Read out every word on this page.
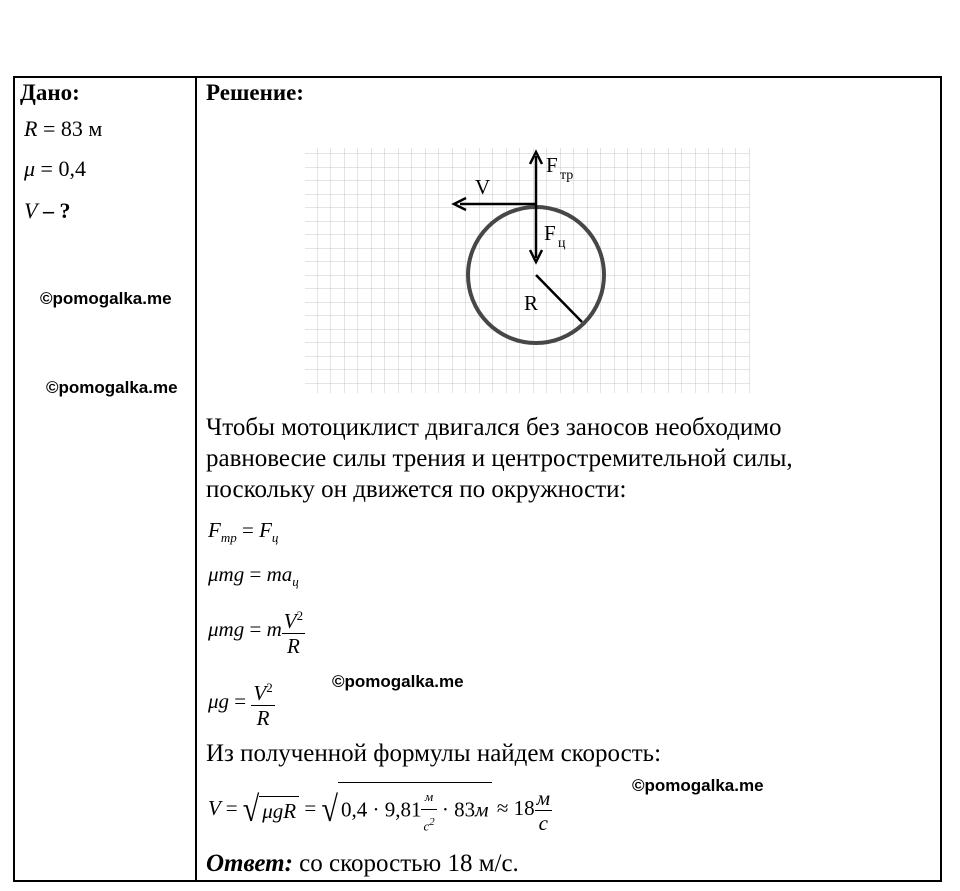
Дано:
R = 83 м
μ = 0,4
V – ?
©pomogalka.me
©pomogalka.me
Решение:
V
F тр
F ц
R
Чтобы мотоциклист двигался без заносов необходимо равновесие силы трения и центростремительной силы, поскольку он движется по окружности:
$F_{тр} = F_ц$
$\mu mg = ma_ц$
μmg = m $\frac{V^2}{R}$
$\mu g = \frac{V^2}{R}$	©pomogalka.me
Из полученной формулы найдем скорость:
©pomogalka.me
V = √ μgR = √ $0,4 \cdot 9,81 \frac{м}{с^2} \cdot 83м \approx 18 \frac{м}{с}$
Ответ: со скоростью 18 м/с.
